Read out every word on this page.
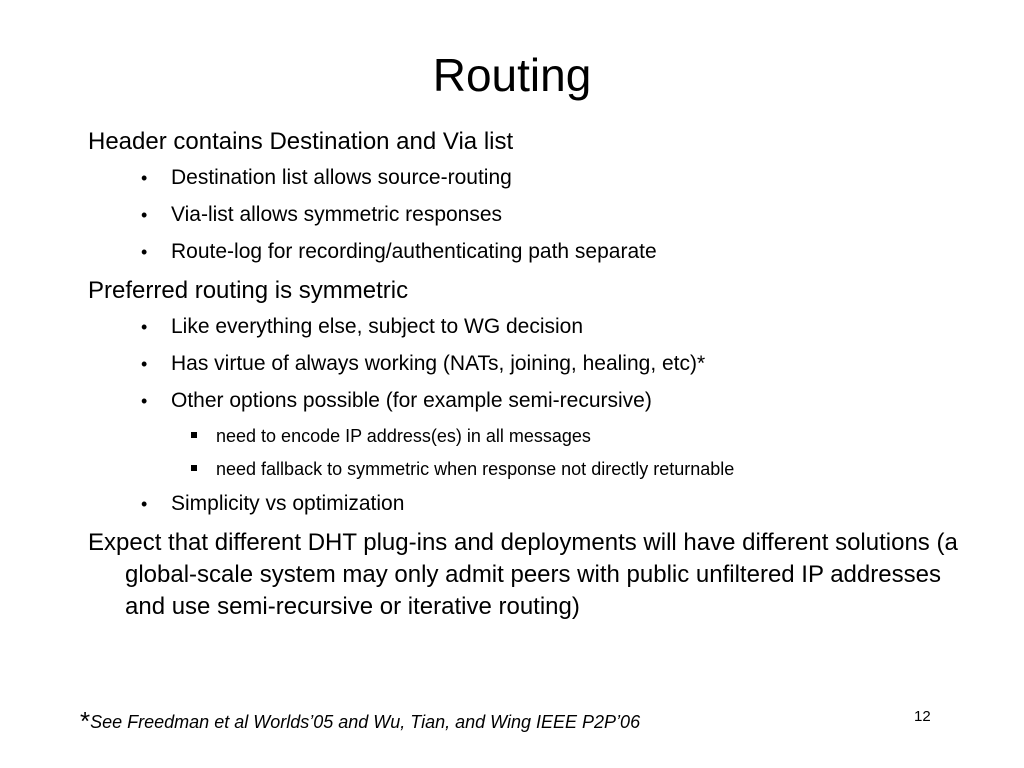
Routing
Header contains Destination and Via list
• Destination list allows source-routing
• Via-list allows symmetric responses
• Route-log for recording/authenticating path separate
Preferred routing is symmetric
• Like everything else, subject to WG decision
• Has virtue of always working (NATs, joining, healing, etc)*
• Other options possible (for example semi-recursive)
need to encode IP address(es) in all messages
need fallback to symmetric when response not directly returnable
• Simplicity vs optimization
Expect that different DHT plug-ins and deployments will have different solutions (a global-scale system may only admit peers with public unfiltered IP addresses and use semi-recursive or iterative routing)
*See Freedman et al Worlds’05 and Wu, Tian, and Wing IEEE P2P’06	12
